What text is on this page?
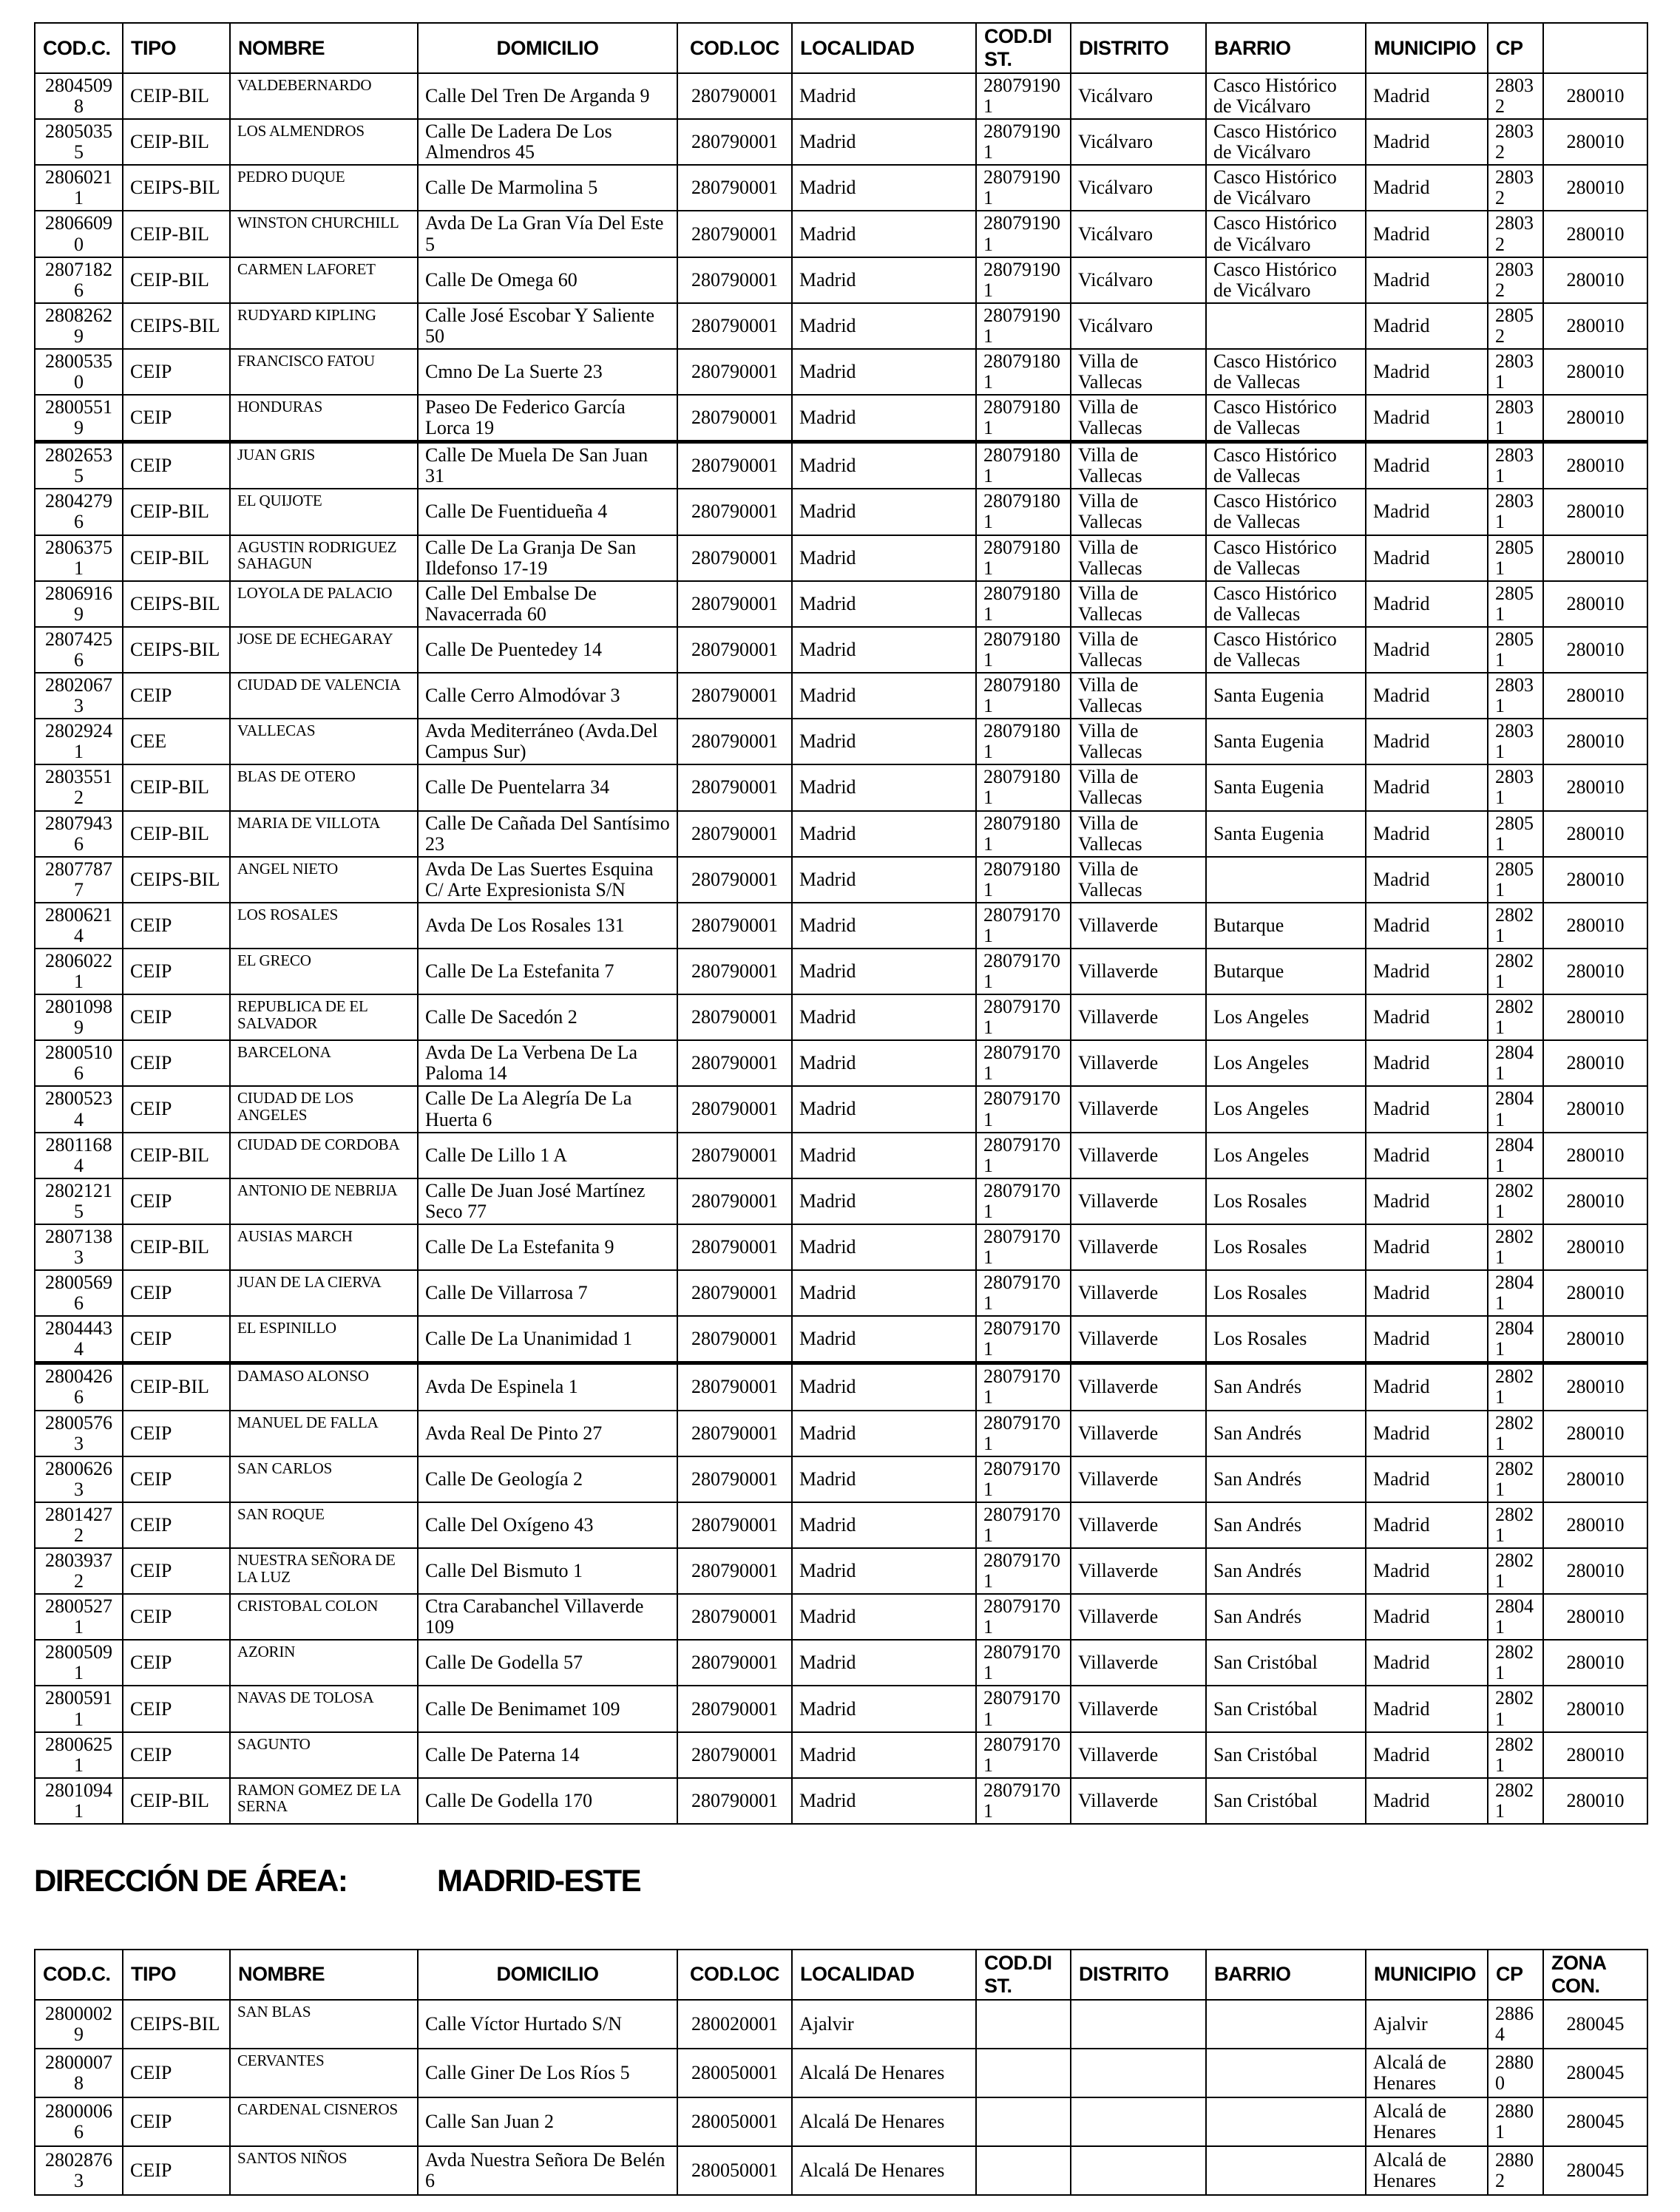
COD.C.	TIPO	NOMBRE	DOMICILIO	COD.LOC	LOCALIDAD	COD.DIST.	DISTRITO	BARRIO	MUNICIPIO	CP	
28045098	CEIP-BIL	VALDEBERNARDO	Calle Del Tren De Arganda 9	280790001	Madrid	280791901	Vicálvaro	Casco Histórico de Vicálvaro	Madrid	28032	280010
28050355	CEIP-BIL	LOS ALMENDROS	Calle De Ladera De Los Almendros 45	280790001	Madrid	280791901	Vicálvaro	Casco Histórico de Vicálvaro	Madrid	28032	280010
28060211	CEIPS-BIL	PEDRO DUQUE	Calle De Marmolina 5	280790001	Madrid	280791901	Vicálvaro	Casco Histórico de Vicálvaro	Madrid	28032	280010
28066090	CEIP-BIL	WINSTON CHURCHILL	Avda De La Gran Vía Del Este 5	280790001	Madrid	280791901	Vicálvaro	Casco Histórico de Vicálvaro	Madrid	28032	280010
28071826	CEIP-BIL	CARMEN LAFORET	Calle De Omega 60	280790001	Madrid	280791901	Vicálvaro	Casco Histórico de Vicálvaro	Madrid	28032	280010
28082629	CEIPS-BIL	RUDYARD KIPLING	Calle José Escobar Y Saliente 50	280790001	Madrid	280791901	Vicálvaro		Madrid	28052	280010
28005350	CEIP	FRANCISCO FATOU	Cmno De La Suerte 23	280790001	Madrid	280791801	Villa de Vallecas	Casco Histórico de Vallecas	Madrid	28031	280010
28005519	CEIP	HONDURAS	Paseo De Federico García Lorca 19	280790001	Madrid	280791801	Villa de Vallecas	Casco Histórico de Vallecas	Madrid	28031	280010
28026535	CEIP	JUAN GRIS	Calle De Muela De San Juan 31	280790001	Madrid	280791801	Villa de Vallecas	Casco Histórico de Vallecas	Madrid	28031	280010
28042796	CEIP-BIL	EL QUIJOTE	Calle De Fuentidueña 4	280790001	Madrid	280791801	Villa de Vallecas	Casco Histórico de Vallecas	Madrid	28031	280010
28063751	CEIP-BIL	AGUSTIN RODRIGUEZ SAHAGUN	Calle De La Granja De San Ildefonso 17-19	280790001	Madrid	280791801	Villa de Vallecas	Casco Histórico de Vallecas	Madrid	28051	280010
28069169	CEIPS-BIL	LOYOLA DE PALACIO	Calle Del Embalse De Navacerrada 60	280790001	Madrid	280791801	Villa de Vallecas	Casco Histórico de Vallecas	Madrid	28051	280010
28074256	CEIPS-BIL	JOSE DE ECHEGARAY	Calle De Puentedey 14	280790001	Madrid	280791801	Villa de Vallecas	Casco Histórico de Vallecas	Madrid	28051	280010
28020673	CEIP	CIUDAD DE VALENCIA	Calle Cerro Almodóvar 3	280790001	Madrid	280791801	Villa de Vallecas	Santa Eugenia	Madrid	28031	280010
28029241	CEE	VALLECAS	Avda Mediterráneo (Avda.Del Campus Sur)	280790001	Madrid	280791801	Villa de Vallecas	Santa Eugenia	Madrid	28031	280010
28035512	CEIP-BIL	BLAS DE OTERO	Calle De Puentelarra 34	280790001	Madrid	280791801	Villa de Vallecas	Santa Eugenia	Madrid	28031	280010
28079436	CEIP-BIL	MARIA DE VILLOTA	Calle De Cañada Del Santísimo 23	280790001	Madrid	280791801	Villa de Vallecas	Santa Eugenia	Madrid	28051	280010
28077877	CEIPS-BIL	ANGEL NIETO	Avda De Las Suertes Esquina C/ Arte Expresionista S/N	280790001	Madrid	280791801	Villa de Vallecas		Madrid	28051	280010
28006214	CEIP	LOS ROSALES	Avda De Los Rosales 131	280790001	Madrid	280791701	Villaverde	Butarque	Madrid	28021	280010
28060221	CEIP	EL GRECO	Calle De La Estefanita 7	280790001	Madrid	280791701	Villaverde	Butarque	Madrid	28021	280010
28010989	CEIP	REPUBLICA DE EL SALVADOR	Calle De Sacedón 2	280790001	Madrid	280791701	Villaverde	Los Angeles	Madrid	28021	280010
28005106	CEIP	BARCELONA	Avda De La Verbena De La Paloma 14	280790001	Madrid	280791701	Villaverde	Los Angeles	Madrid	28041	280010
28005234	CEIP	CIUDAD DE LOS ANGELES	Calle De La Alegría De La Huerta 6	280790001	Madrid	280791701	Villaverde	Los Angeles	Madrid	28041	280010
28011684	CEIP-BIL	CIUDAD DE CORDOBA	Calle De Lillo 1 A	280790001	Madrid	280791701	Villaverde	Los Angeles	Madrid	28041	280010
28021215	CEIP	ANTONIO DE NEBRIJA	Calle De Juan José Martínez Seco 77	280790001	Madrid	280791701	Villaverde	Los Rosales	Madrid	28021	280010
28071383	CEIP-BIL	AUSIAS MARCH	Calle De La Estefanita 9	280790001	Madrid	280791701	Villaverde	Los Rosales	Madrid	28021	280010
28005696	CEIP	JUAN DE LA CIERVA	Calle De Villarrosa 7	280790001	Madrid	280791701	Villaverde	Los Rosales	Madrid	28041	280010
28044434	CEIP	EL ESPINILLO	Calle De La Unanimidad 1	280790001	Madrid	280791701	Villaverde	Los Rosales	Madrid	28041	280010
28004266	CEIP-BIL	DAMASO ALONSO	Avda De Espinela 1	280790001	Madrid	280791701	Villaverde	San Andrés	Madrid	28021	280010
28005763	CEIP	MANUEL DE FALLA	Avda Real De Pinto 27	280790001	Madrid	280791701	Villaverde	San Andrés	Madrid	28021	280010
28006263	CEIP	SAN CARLOS	Calle De Geología 2	280790001	Madrid	280791701	Villaverde	San Andrés	Madrid	28021	280010
28014272	CEIP	SAN ROQUE	Calle Del Oxígeno 43	280790001	Madrid	280791701	Villaverde	San Andrés	Madrid	28021	280010
28039372	CEIP	NUESTRA SEÑORA DE LA LUZ	Calle Del Bismuto 1	280790001	Madrid	280791701	Villaverde	San Andrés	Madrid	28021	280010
28005271	CEIP	CRISTOBAL COLON	Ctra Carabanchel Villaverde 109	280790001	Madrid	280791701	Villaverde	San Andrés	Madrid	28041	280010
28005091	CEIP	AZORIN	Calle De Godella 57	280790001	Madrid	280791701	Villaverde	San Cristóbal	Madrid	28021	280010
28005911	CEIP	NAVAS DE TOLOSA	Calle De Benimamet 109	280790001	Madrid	280791701	Villaverde	San Cristóbal	Madrid	28021	280010
28006251	CEIP	SAGUNTO	Calle De Paterna 14	280790001	Madrid	280791701	Villaverde	San Cristóbal	Madrid	28021	280010
28010941	CEIP-BIL	RAMON GOMEZ DE LA SERNA	Calle De Godella 170	280790001	Madrid	280791701	Villaverde	San Cristóbal	Madrid	28021	280010
DIRECCIÓN DE ÁREA:	MADRID-ESTE
COD.C.	TIPO	NOMBRE	DOMICILIO	COD.LOC	LOCALIDAD	COD.DIST.	DISTRITO	BARRIO	MUNICIPIO	CP	ZONA CON.
28000029	CEIPS-BIL	SAN BLAS	Calle Víctor Hurtado S/N	280020001	Ajalvir				Ajalvir	28864	280045
28000078	CEIP	CERVANTES	Calle Giner De Los Ríos 5	280050001	Alcalá De Henares				Alcalá de Henares	28800	280045
28000066	CEIP	CARDENAL CISNEROS	Calle San Juan 2	280050001	Alcalá De Henares				Alcalá de Henares	28801	280045
28028763	CEIP	SANTOS NIÑOS	Avda Nuestra Señora De Belén 6	280050001	Alcalá De Henares				Alcalá de Henares	28802	280045
